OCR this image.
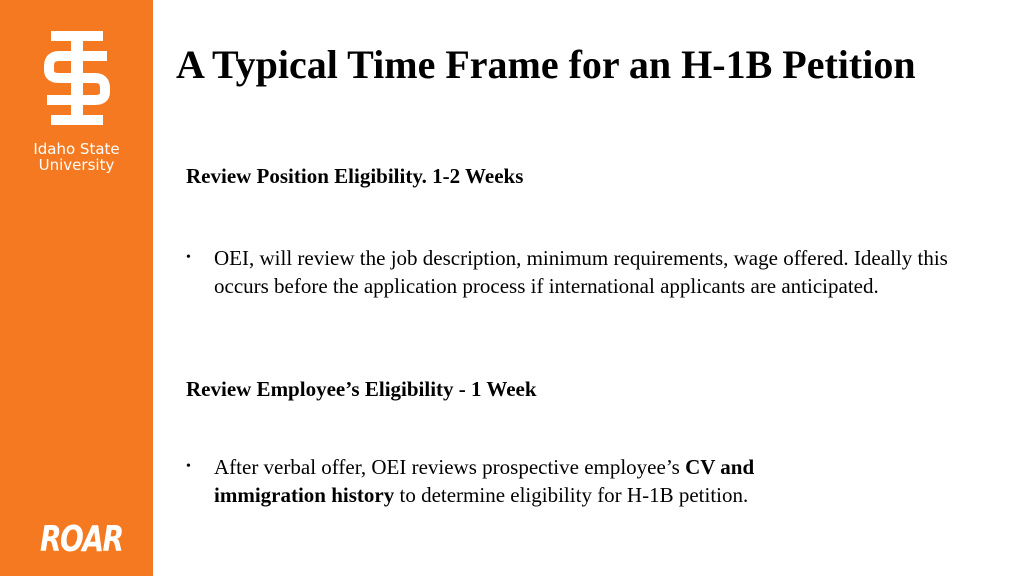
Idaho State
University
ROAR
A Typical Time Frame for an H-1B Petition
Review Position Eligibility. 1-2 Weeks
• OEI, will review the job description, minimum requirements, wage offered. Ideally this occurs before the application process if international applicants are anticipated.
Review Employee’s Eligibility - 1 Week
• After verbal offer, OEI reviews prospective employee’s CV and
immigration history to determine eligibility for H-1B petition.
